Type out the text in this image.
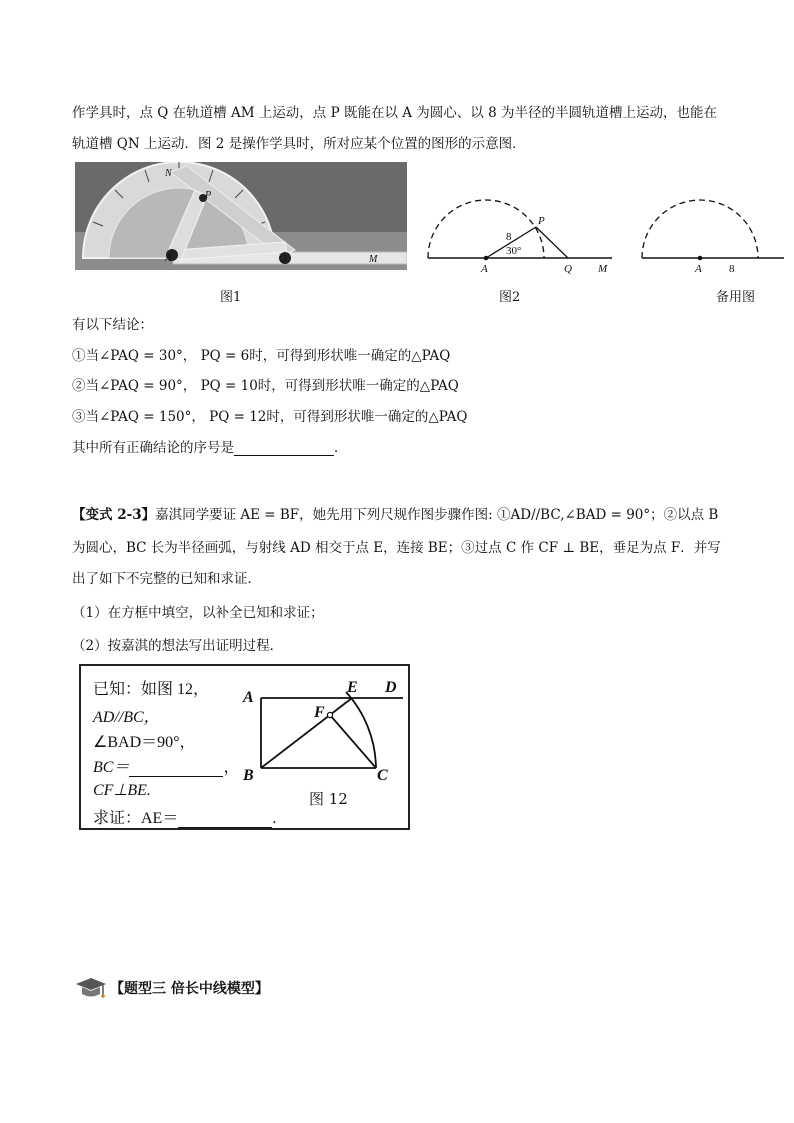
作学具时，点 Q 在轨道槽 AM 上运动，点 P 既能在以 A 为圆心、以 8 为半径的半圆轨道槽上运动，也能在
轨道槽 QN 上运动．图 2 是操作学具时，所对应某个位置的图形的示意图．
A	Q
P
N
M
图1
8
30°
P
A	Q M
图2
A 8
备用图
有以下结论：
①当∠PAQ = 30°， PQ = 6时，可得到形状唯一确定的△PAQ
②当∠PAQ = 90°， PQ = 10时，可得到形状唯一确定的△PAQ
③当∠PAQ = 150°， PQ = 12时，可得到形状唯一确定的△PAQ
其中所有正确结论的序号是	．
【变式 2-3】嘉淇同学要证 AE = BF，她先用下列尺规作图步骤作图: ①AD//BC,∠BAD = 90°；②以点 B
为圆心，BC 长为半径画弧，与射线 AD 相交于点 E，连接 BE；③过点 C 作 CF ⊥ BE，垂足为点 F．并写
出了如下不完整的已知和求证．
（1）在方框中填空，以补全已知和求证；
（2）按嘉淇的想法写出证明过程．
已知：如图 12，
AD//BC，
∠BAD＝90°，
BC＝	，
CF⊥BE.
求证：AE＝	.
A
E D
F
B	C
图 12
【题型三 倍长中线模型】
